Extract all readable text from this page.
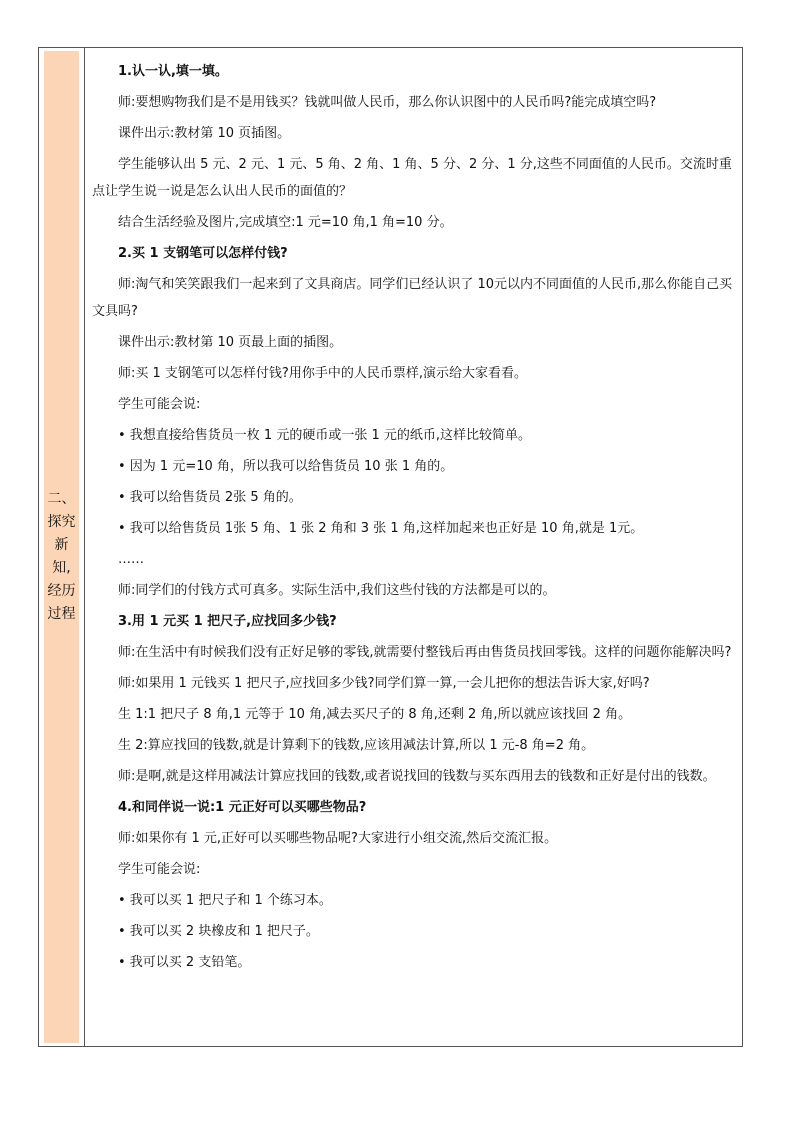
二、
探究
新
知,
经历
过程

1.认一认,填一填。

师:要想购物我们是不是用钱买？钱就叫做人民币，那么你认识图中的人民币吗?能完成填空吗?

课件出示:教材第 10 页插图。

学生能够认出 5 元、2 元、1 元、5 角、2 角、1 角、5 分、2 分、1 分,这些不同面值的人民币。交流时重点让学生说一说是怎么认出人民币的面值的？

结合生活经验及图片,完成填空:1 元=10 角,1 角=10 分。

2.买 1 支钢笔可以怎样付钱?

师:淘气和笑笑跟我们一起来到了文具商店。同学们已经认识了 10元以内不同面值的人民币,那么你能自己买文具吗?

课件出示:教材第 10 页最上面的插图。

师:买 1 支钢笔可以怎样付钱?用你手中的人民币票样,演示给大家看看。

学生可能会说:

• 我想直接给售货员一枚 1 元的硬币或一张 1 元的纸币,这样比较简单。

• 因为 1 元=10 角，所以我可以给售货员 10 张 1 角的。

• 我可以给售货员 2张 5 角的。

• 我可以给售货员 1张 5 角、1 张 2 角和 3 张 1 角,这样加起来也正好是 10 角,就是 1元。

……

师:同学们的付钱方式可真多。实际生活中,我们这些付钱的方法都是可以的。

3.用 1 元买 1 把尺子,应找回多少钱?

师:在生活中有时候我们没有正好足够的零钱,就需要付整钱后再由售货员找回零钱。这样的问题你能解决吗?

师:如果用 1 元钱买 1 把尺子,应找回多少钱?同学们算一算,一会儿把你的想法告诉大家,好吗?

生 1:1 把尺子 8 角,1 元等于 10 角,减去买尺子的 8 角,还剩 2 角,所以就应该找回 2 角。

生 2:算应找回的钱数,就是计算剩下的钱数,应该用减法计算,所以 1 元-8 角=2 角。

师:是啊,就是这样用减法计算应找回的钱数,或者说找回的钱数与买东西用去的钱数和正好是付出的钱数。

4.和同伴说一说:1 元正好可以买哪些物品?

师:如果你有 1 元,正好可以买哪些物品呢?大家进行小组交流,然后交流汇报。

学生可能会说:

• 我可以买 1 把尺子和 1 个练习本。

• 我可以买 2 块橡皮和 1 把尺子。

• 我可以买 2 支铅笔。
